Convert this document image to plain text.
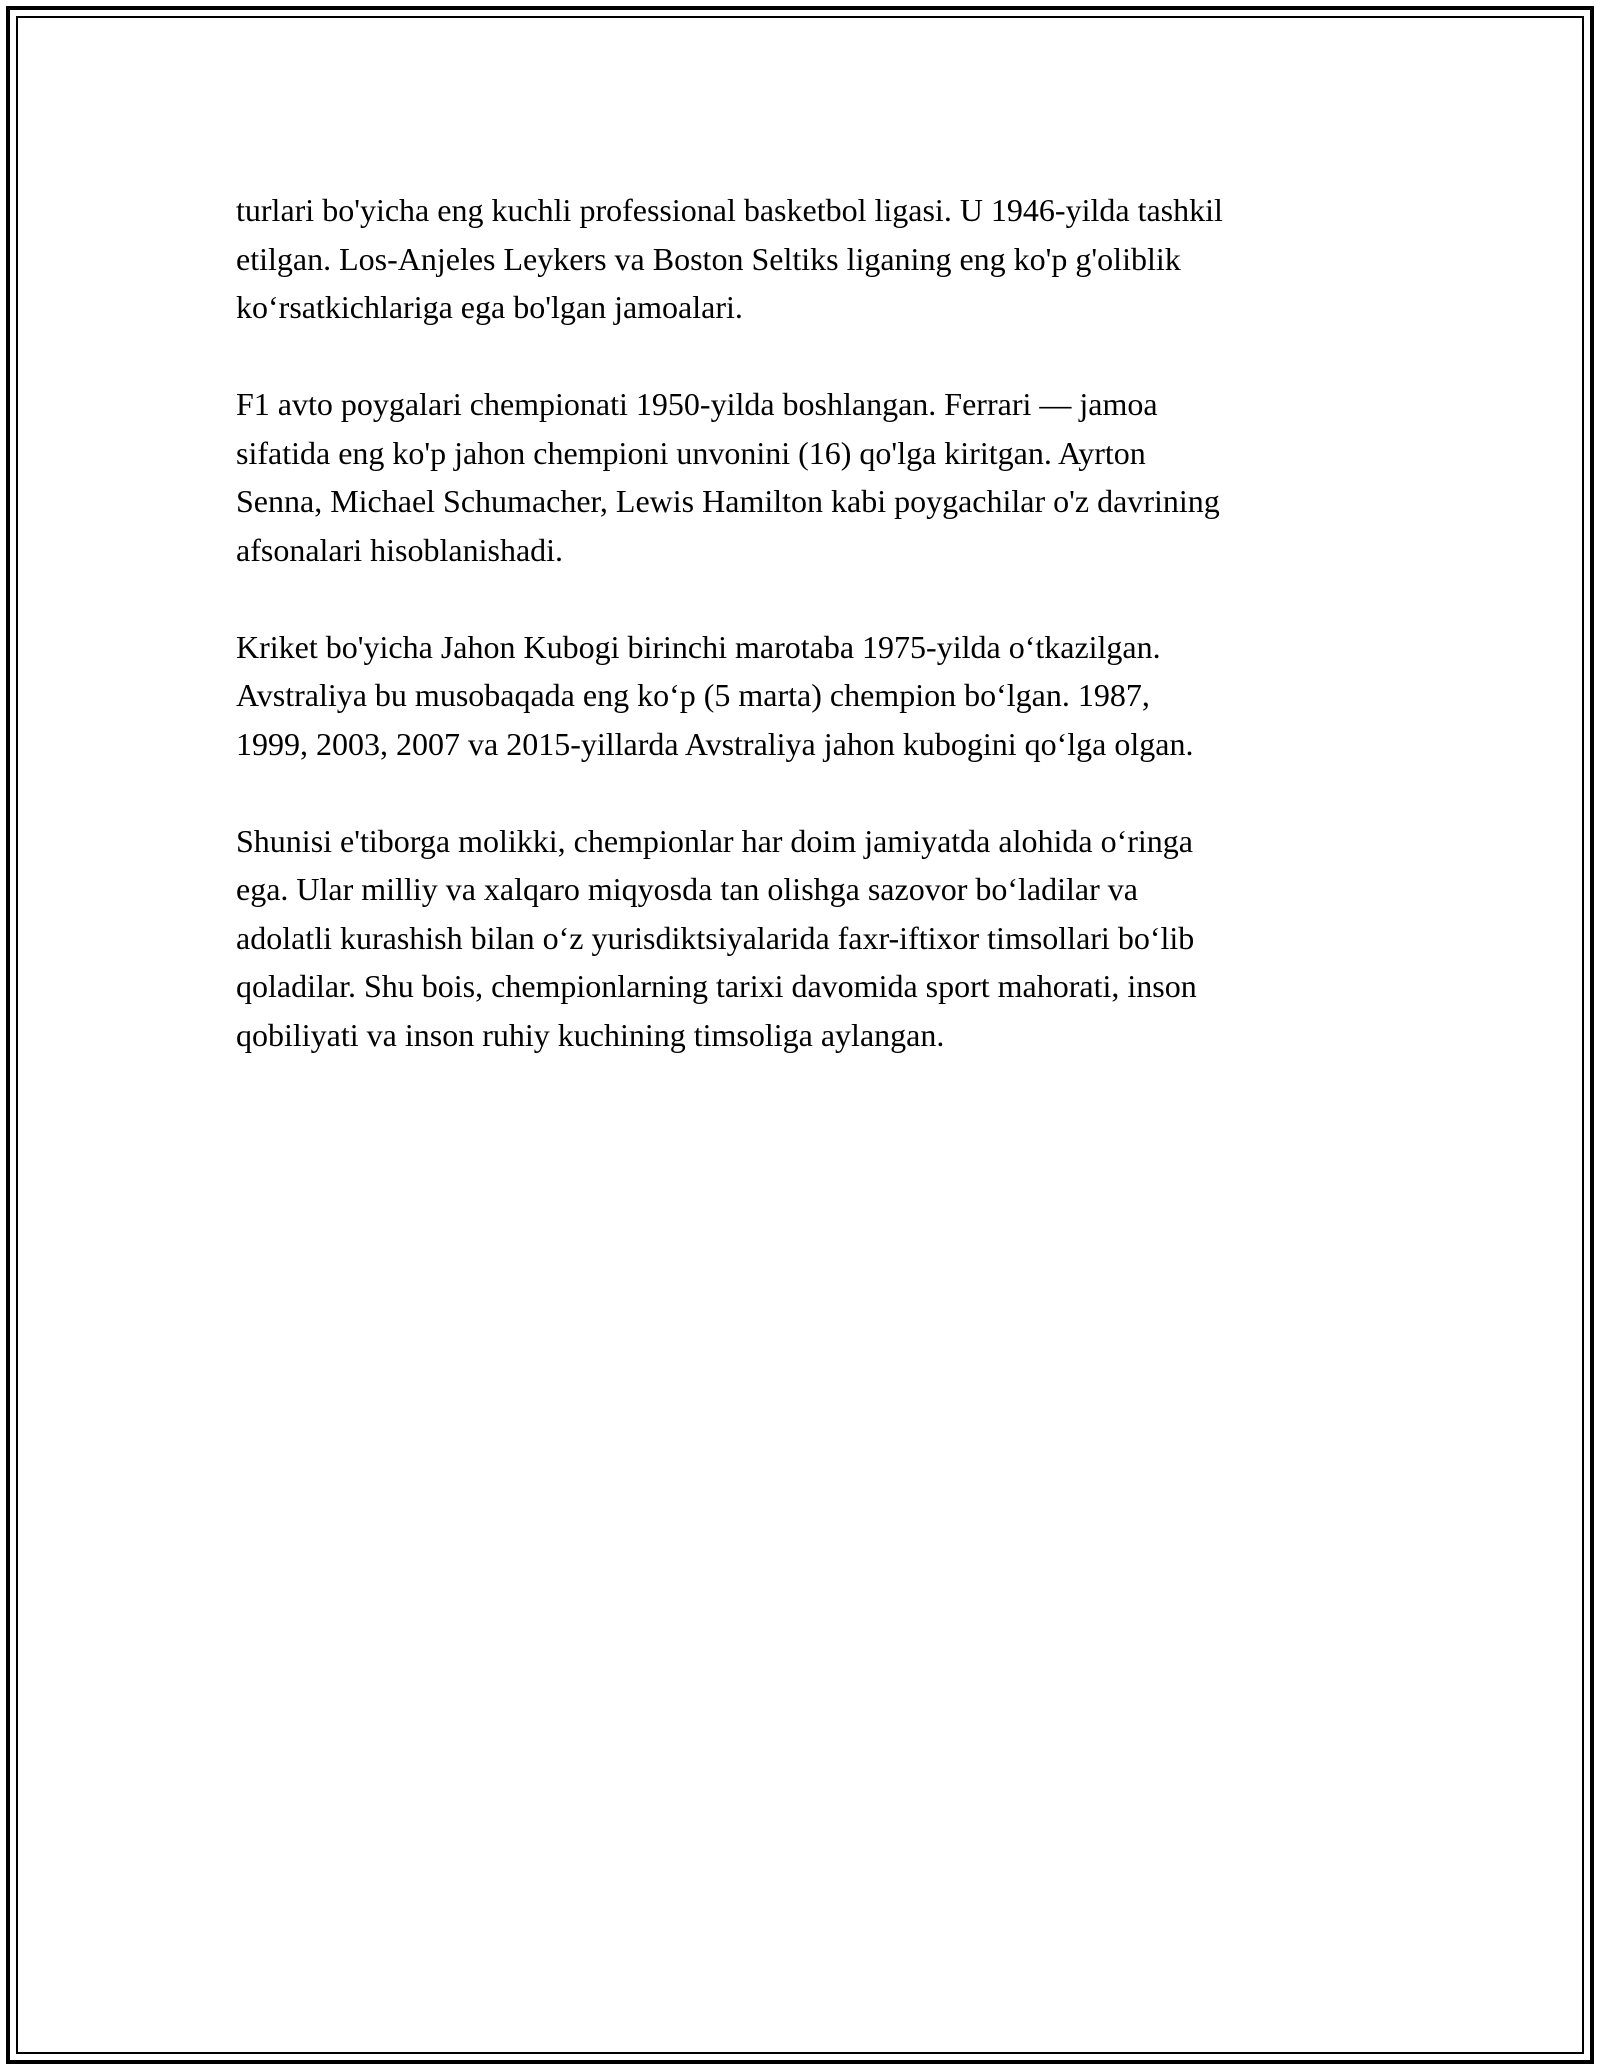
turlari bo'yicha eng kuchli professional basketbol ligasi. U 1946-yilda tashkil
etilgan. Los-Anjeles Leykers va Boston Seltiks liganing eng ko'p g'oliblik
ko‘rsatkichlariga ega bo'lgan jamoalari.

F1 avto poygalari chempionati 1950-yilda boshlangan. Ferrari — jamoa
sifatida eng ko'p jahon chempioni unvonini (16) qo'lga kiritgan. Ayrton
Senna, Michael Schumacher, Lewis Hamilton kabi poygachilar o'z davrining
afsonalari hisoblanishadi.

Kriket bo'yicha Jahon Kubogi birinchi marotaba 1975-yilda o‘tkazilgan.
Avstraliya bu musobaqada eng ko‘p (5 marta) chempion bo‘lgan. 1987,
1999, 2003, 2007 va 2015-yillarda Avstraliya jahon kubogini qo‘lga olgan.

Shunisi e'tiborga molikki, chempionlar har doim jamiyatda alohida o‘ringa
ega. Ular milliy va xalqaro miqyosda tan olishga sazovor bo‘ladilar va
adolatli kurashish bilan o‘z yurisdiktsiyalarida faxr-iftixor timsollari bo‘lib
qoladilar. Shu bois, chempionlarning tarixi davomida sport mahorati, inson
qobiliyati va inson ruhiy kuchining timsoliga aylangan.
